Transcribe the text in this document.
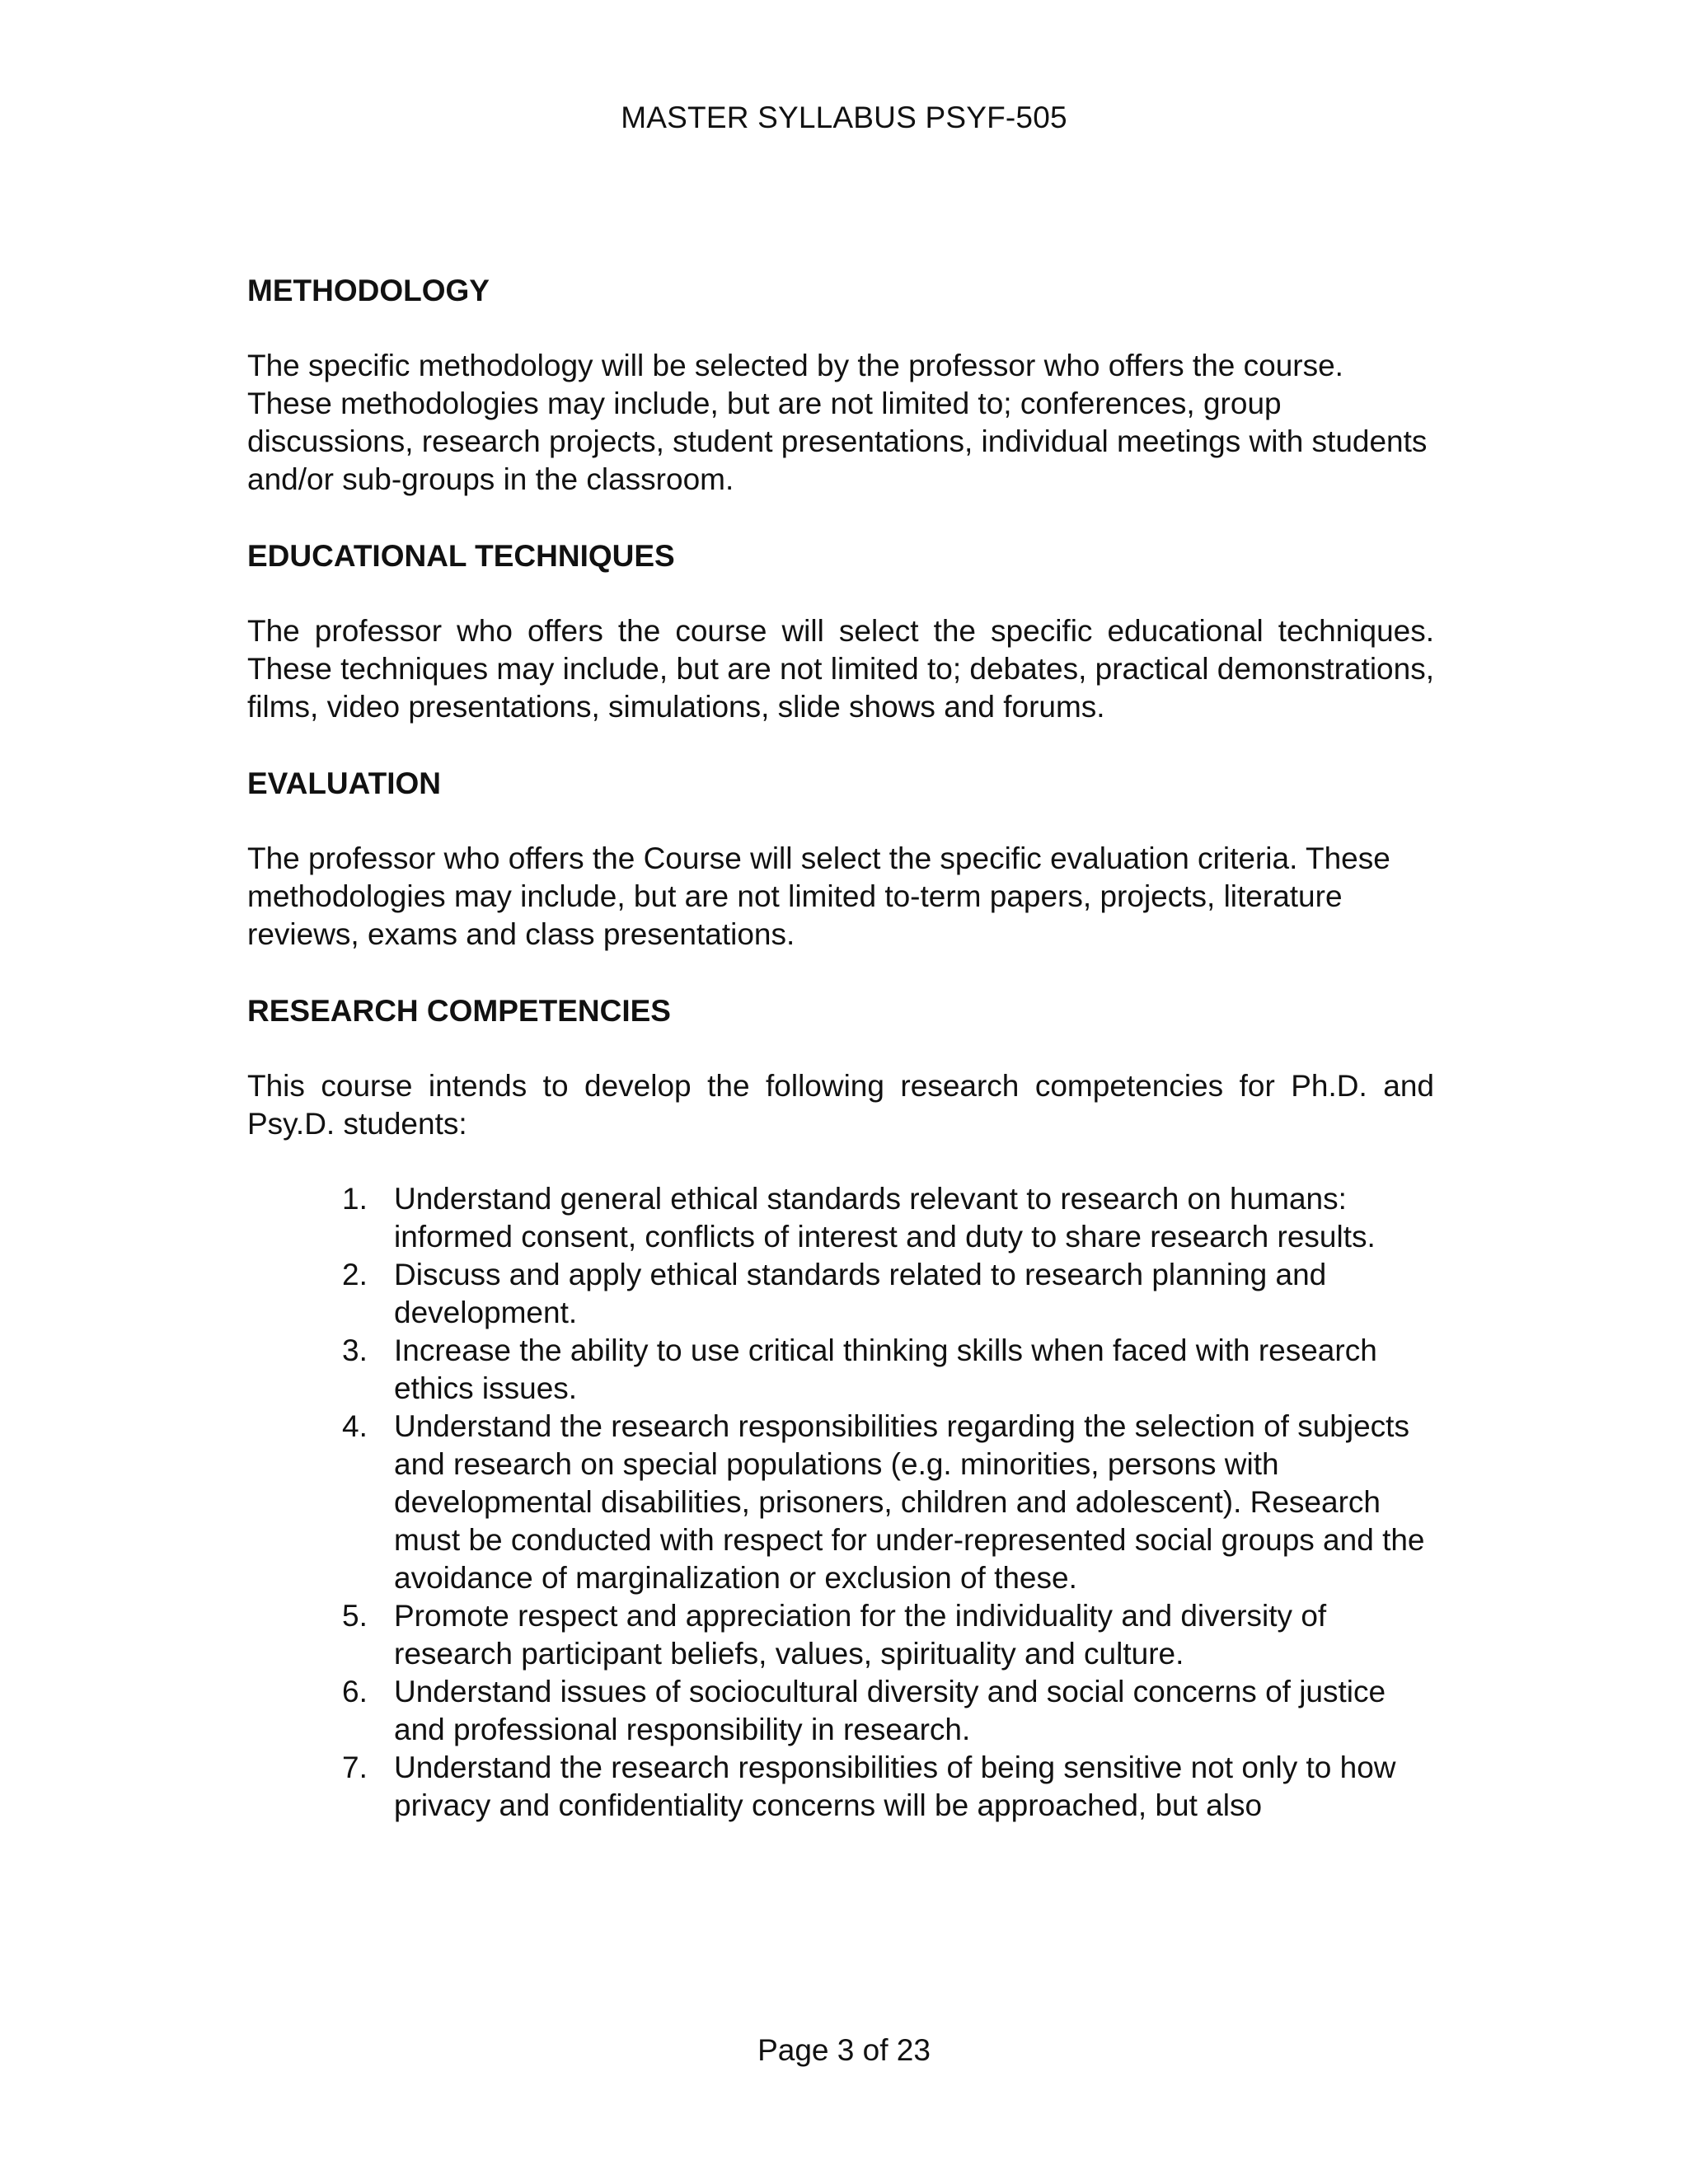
MASTER SYLLABUS PSYF-505
METHODOLOGY
The specific methodology will be selected by the professor who offers the course. These methodologies may include, but are not limited to; conferences, group discussions, research projects, student presentations, individual meetings with students and/or sub-groups in the classroom.
EDUCATIONAL TECHNIQUES
The professor who offers the course will select the specific educational techniques. These techniques may include, but are not limited to; debates, practical demonstrations, films, video presentations, simulations, slide shows and forums.
EVALUATION
The professor who offers the Course will select the specific evaluation criteria. These methodologies may include, but are not limited to-term papers, projects, literature reviews, exams and class presentations.
RESEARCH COMPETENCIES
This course intends to develop the following research competencies for Ph.D. and Psy.D. students:
1. Understand general ethical standards relevant to research on humans: informed consent, conflicts of interest and duty to share research results.
2. Discuss and apply ethical standards related to research planning and development.
3. Increase the ability to use critical thinking skills when faced with research ethics issues.
4. Understand the research responsibilities regarding the selection of subjects and research on special populations (e.g. minorities, persons with developmental disabilities, prisoners, children and adolescent). Research must be conducted with respect for under-represented social groups and the avoidance of marginalization or exclusion of these.
5. Promote respect and appreciation for the individuality and diversity of research participant beliefs, values, spirituality and culture.
6. Understand issues of sociocultural diversity and social concerns of justice and professional responsibility in research.
7. Understand the research responsibilities of being sensitive not only to how privacy and confidentiality concerns will be approached, but also
Page 3 of 23
